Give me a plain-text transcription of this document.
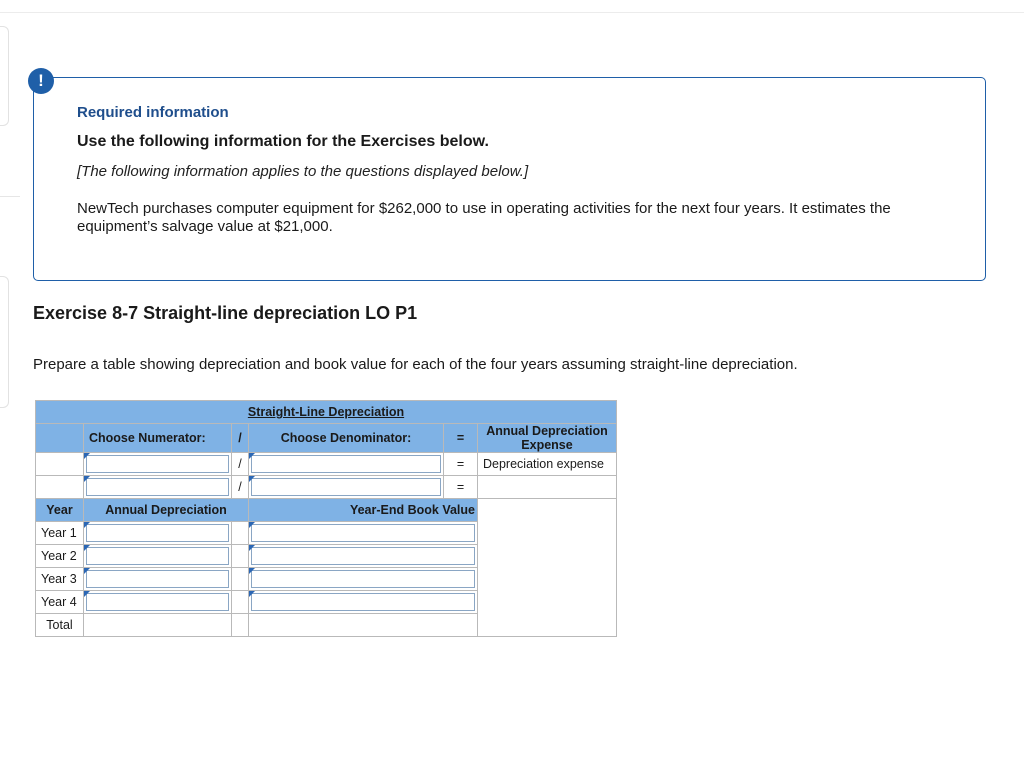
!
Required information
Use the following information for the Exercises below.
[The following information applies to the questions displayed below.]
NewTech purchases computer equipment for $262,000 to use in operating activities for the next four years. It estimates the equipment’s salvage value at $21,000.
Exercise 8-7 Straight-line depreciation LO P1
Prepare a table showing depreciation and book value for each of the four years assuming straight-line depreciation.
Straight-Line Depreciation					
	Choose Numerator:	/	Choose Denominator:	=	Annual Depreciation Expense

	/		=	Depreciation expense

	/		=	
Year	Annual Depreciation		Year-End Book Value		
Year 1			

Year 2			

Year 3			

Year 4			

Total					
